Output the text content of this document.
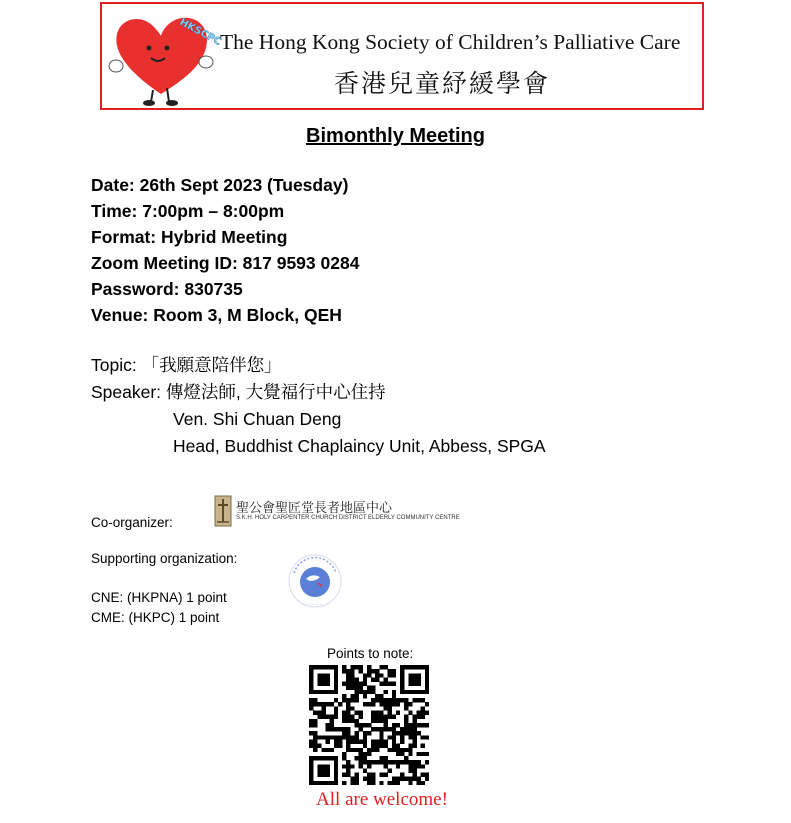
HKSCPC
The Hong Kong Society of Children’s Palliative Care
香港兒童紓緩學會
Bimonthly Meeting
Date: 26th Sept 2023 (Tuesday)
Time: 7:00pm – 8:00pm
Format: Hybrid Meeting
Zoom Meeting ID: 817 9593 0284
Password: 830735
Venue: Room 3, M Block, QEH
Topic: 「我願意陪伴您」
Speaker: 傳燈法師, 大覺福行中心住持
Ven. Shi Chuan Deng
Head, Buddhist Chaplaincy Unit, Abbess, SPGA
Co-organizer:
聖公會聖匠堂長者地區中心
S.K.H. HOLY CARPENTER CHURCH DISTRICT ELDERLY COMMUNITY CENTRE
Supporting organization:
· · · · · · · ·
CNE: (HKPNA) 1 point
CME: (HKPC) 1 point
Points to note:
All are welcome!
